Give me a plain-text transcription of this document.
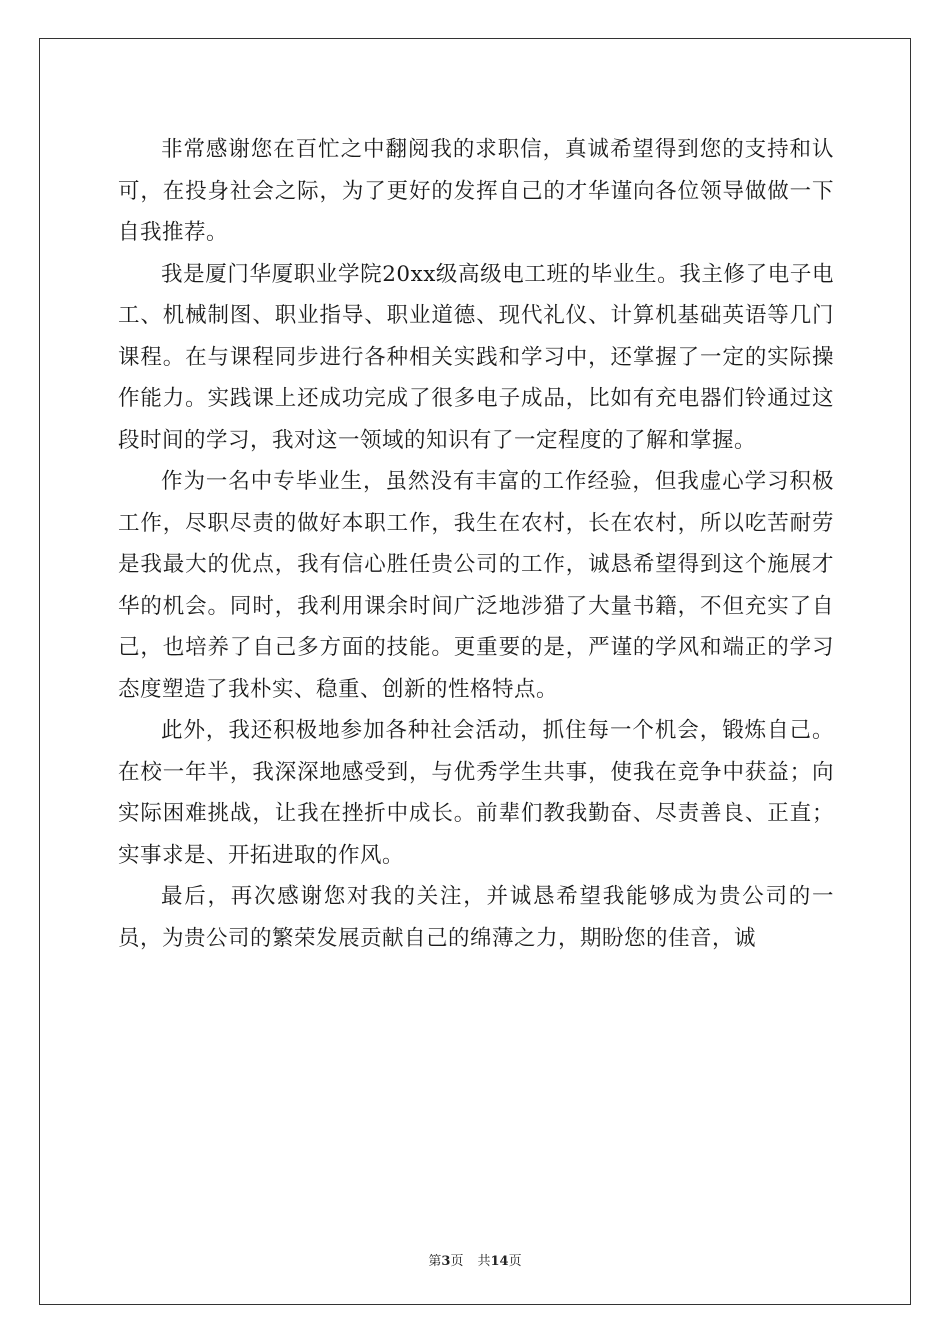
非常感谢您在百忙之中翻阅我的求职信，真诚希望得到您的支持和认可，在投身社会之际，为了更好的发挥自己的才华谨向各位领导做做一下自我推荐。

我是厦门华厦职业学院20xx级高级电工班的毕业生。我主修了电子电工、机械制图、职业指导、职业道德、现代礼仪、计算机基础英语等几门课程。在与课程同步进行各种相关实践和学习中，还掌握了一定的实际操作能力。实践课上还成功完成了很多电子成品，比如有充电器们铃通过这段时间的学习，我对这一领域的知识有了一定程度的了解和掌握。

作为一名中专毕业生，虽然没有丰富的工作经验，但我虚心学习积极工作，尽职尽责的做好本职工作，我生在农村，长在农村，所以吃苦耐劳是我最大的优点，我有信心胜任贵公司的工作，诚恳希望得到这个施展才华的机会。同时，我利用课余时间广泛地涉猎了大量书籍，不但充实了自己，也培养了自己多方面的技能。更重要的是，严谨的学风和端正的学习态度塑造了我朴实、稳重、创新的性格特点。

此外，我还积极地参加各种社会活动，抓住每一个机会，锻炼自己。在校一年半，我深深地感受到，与优秀学生共事，使我在竞争中获益；向实际困难挑战，让我在挫折中成长。前辈们教我勤奋、尽责善良、正直；实事求是、开拓进取的作风。

最后，再次感谢您对我的关注，并诚恳希望我能够成为贵公司的一员，为贵公司的繁荣发展贡献自己的绵薄之力，期盼您的佳音，诚

第3页 共14页
